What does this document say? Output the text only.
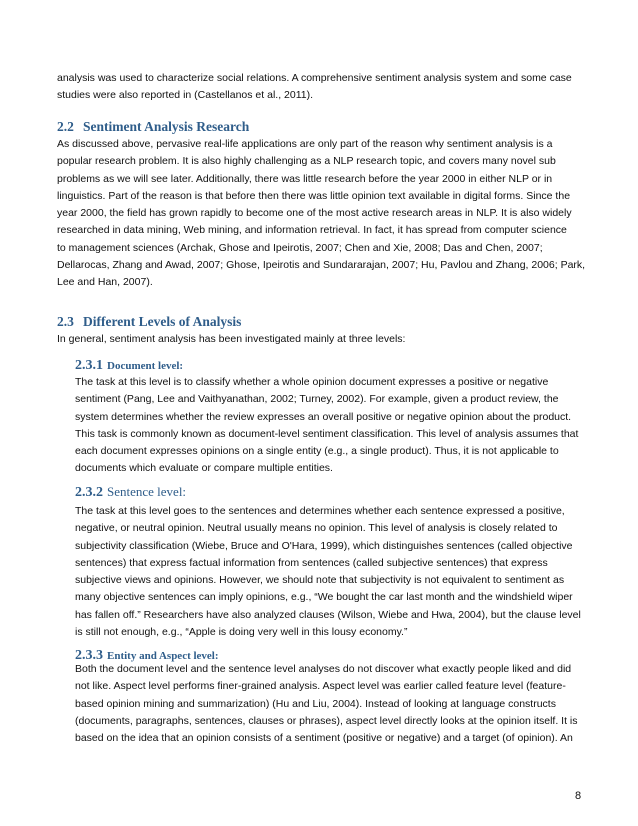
analysis was used to characterize social relations. A comprehensive sentiment analysis system and some case
studies were also reported in (Castellanos et al., 2011).
2.2 Sentiment Analysis Research
As discussed above, pervasive real-life applications are only part of the reason why sentiment analysis is a
popular research problem. It is also highly challenging as a NLP research topic, and covers many novel sub
problems as we will see later. Additionally, there was little research before the year 2000 in either NLP or in
linguistics. Part of the reason is that before then there was little opinion text available in digital forms. Since the
year 2000, the field has grown rapidly to become one of the most active research areas in NLP. It is also widely
researched in data mining, Web mining, and information retrieval. In fact, it has spread from computer science
to management sciences (Archak, Ghose and Ipeirotis, 2007; Chen and Xie, 2008; Das and Chen, 2007;
Dellarocas, Zhang and Awad, 2007; Ghose, Ipeirotis and Sundararajan, 2007; Hu, Pavlou and Zhang, 2006; Park,
Lee and Han, 2007).
2.3 Different Levels of Analysis
In general, sentiment analysis has been investigated mainly at three levels:
2.3.1 Document level:
The task at this level is to classify whether a whole opinion document expresses a positive or negative
sentiment (Pang, Lee and Vaithyanathan, 2002; Turney, 2002). For example, given a product review, the
system determines whether the review expresses an overall positive or negative opinion about the product.
This task is commonly known as document-level sentiment classification. This level of analysis assumes that
each document expresses opinions on a single entity (e.g., a single product). Thus, it is not applicable to
documents which evaluate or compare multiple entities.
2.3.2 Sentence level:
The task at this level goes to the sentences and determines whether each sentence expressed a positive,
negative, or neutral opinion. Neutral usually means no opinion. This level of analysis is closely related to
subjectivity classification (Wiebe, Bruce and O'Hara, 1999), which distinguishes sentences (called objective
sentences) that express factual information from sentences (called subjective sentences) that express
subjective views and opinions. However, we should note that subjectivity is not equivalent to sentiment as
many objective sentences can imply opinions, e.g., “We bought the car last month and the windshield wiper
has fallen off.” Researchers have also analyzed clauses (Wilson, Wiebe and Hwa, 2004), but the clause level
is still not enough, e.g., “Apple is doing very well in this lousy economy.”
2.3.3 Entity and Aspect level:
Both the document level and the sentence level analyses do not discover what exactly people liked and did
not like. Aspect level performs finer-grained analysis. Aspect level was earlier called feature level (feature-
based opinion mining and summarization) (Hu and Liu, 2004). Instead of looking at language constructs
(documents, paragraphs, sentences, clauses or phrases), aspect level directly looks at the opinion itself. It is
based on the idea that an opinion consists of a sentiment (positive or negative) and a target (of opinion). An
8
